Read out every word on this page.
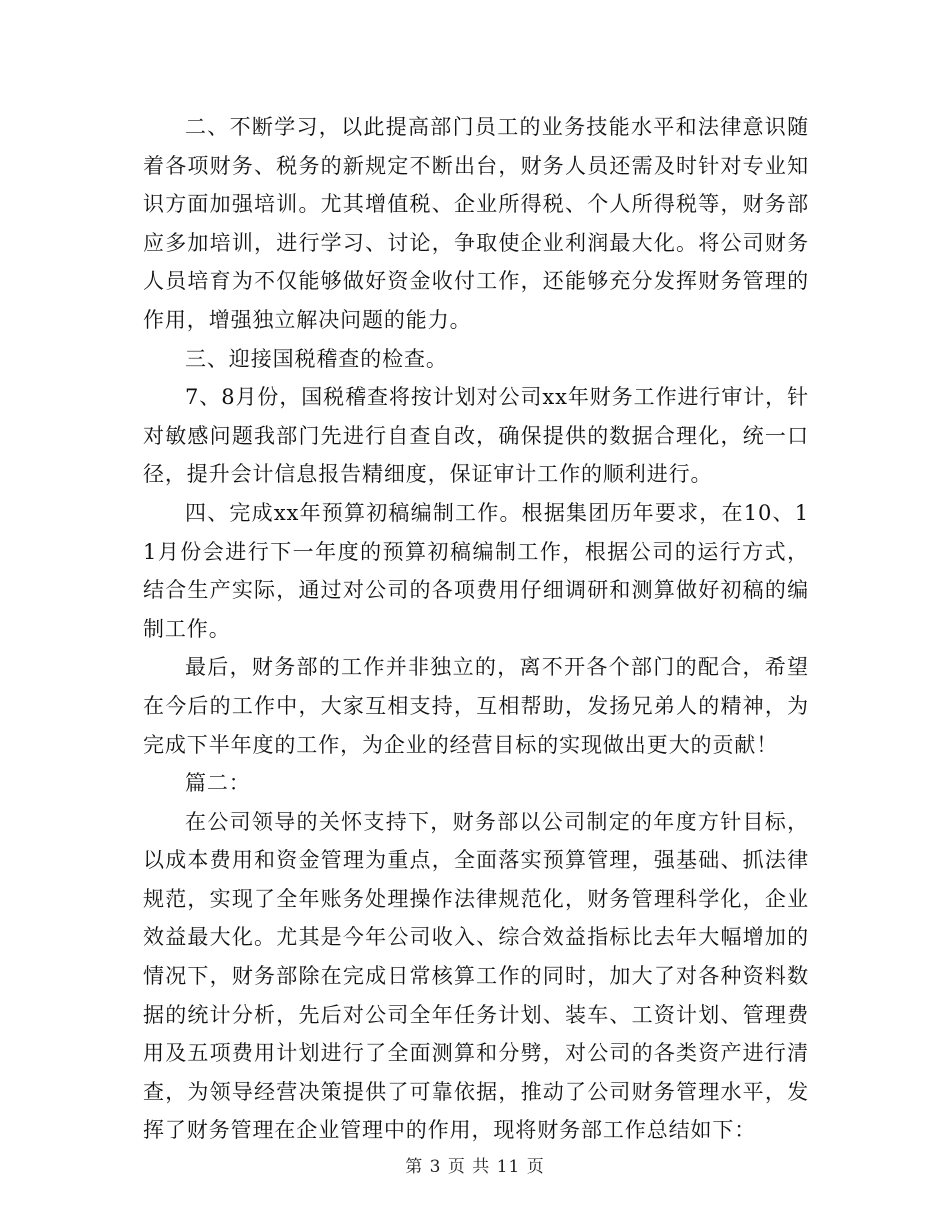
二、不断学习，以此提高部门员工的业务技能水平和法律意识随着各项财务、税务的新规定不断出台，财务人员还需及时针对专业知识方面加强培训。尤其增值税、企业所得税、个人所得税等，财务部应多加培训，进行学习、讨论，争取使企业利润最大化。将公司财务人员培育为不仅能够做好资金收付工作，还能够充分发挥财务管理的作用，增强独立解决问题的能力。

三、迎接国税稽查的检查。

7、8月份，国税稽查将按计划对公司xx年财务工作进行审计，针对敏感问题我部门先进行自查自改，确保提供的数据合理化，统一口径，提升会计信息报告精细度，保证审计工作的顺利进行。

四、完成xx年预算初稿编制工作。根据集团历年要求，在10、11月份会进行下一年度的预算初稿编制工作，根据公司的运行方式，结合生产实际，通过对公司的各项费用仔细调研和测算做好初稿的编制工作。

最后，财务部的工作并非独立的，离不开各个部门的配合，希望在今后的工作中，大家互相支持，互相帮助，发扬兄弟人的精神，为完成下半年度的工作，为企业的经营目标的实现做出更大的贡献！

篇二：

在公司领导的关怀支持下，财务部以公司制定的年度方针目标，以成本费用和资金管理为重点，全面落实预算管理，强基础、抓法律规范，实现了全年账务处理操作法律规范化，财务管理科学化，企业效益最大化。尤其是今年公司收入、综合效益指标比去年大幅增加的情况下，财务部除在完成日常核算工作的同时，加大了对各种资料数据的统计分析，先后对公司全年任务计划、装车、工资计划、管理费用及五项费用计划进行了全面测算和分劈，对公司的各类资产进行清查，为领导经营决策提供了可靠依据，推动了公司财务管理水平，发挥了财务管理在企业管理中的作用，现将财务部工作总结如下：

第 3 页 共 11 页
